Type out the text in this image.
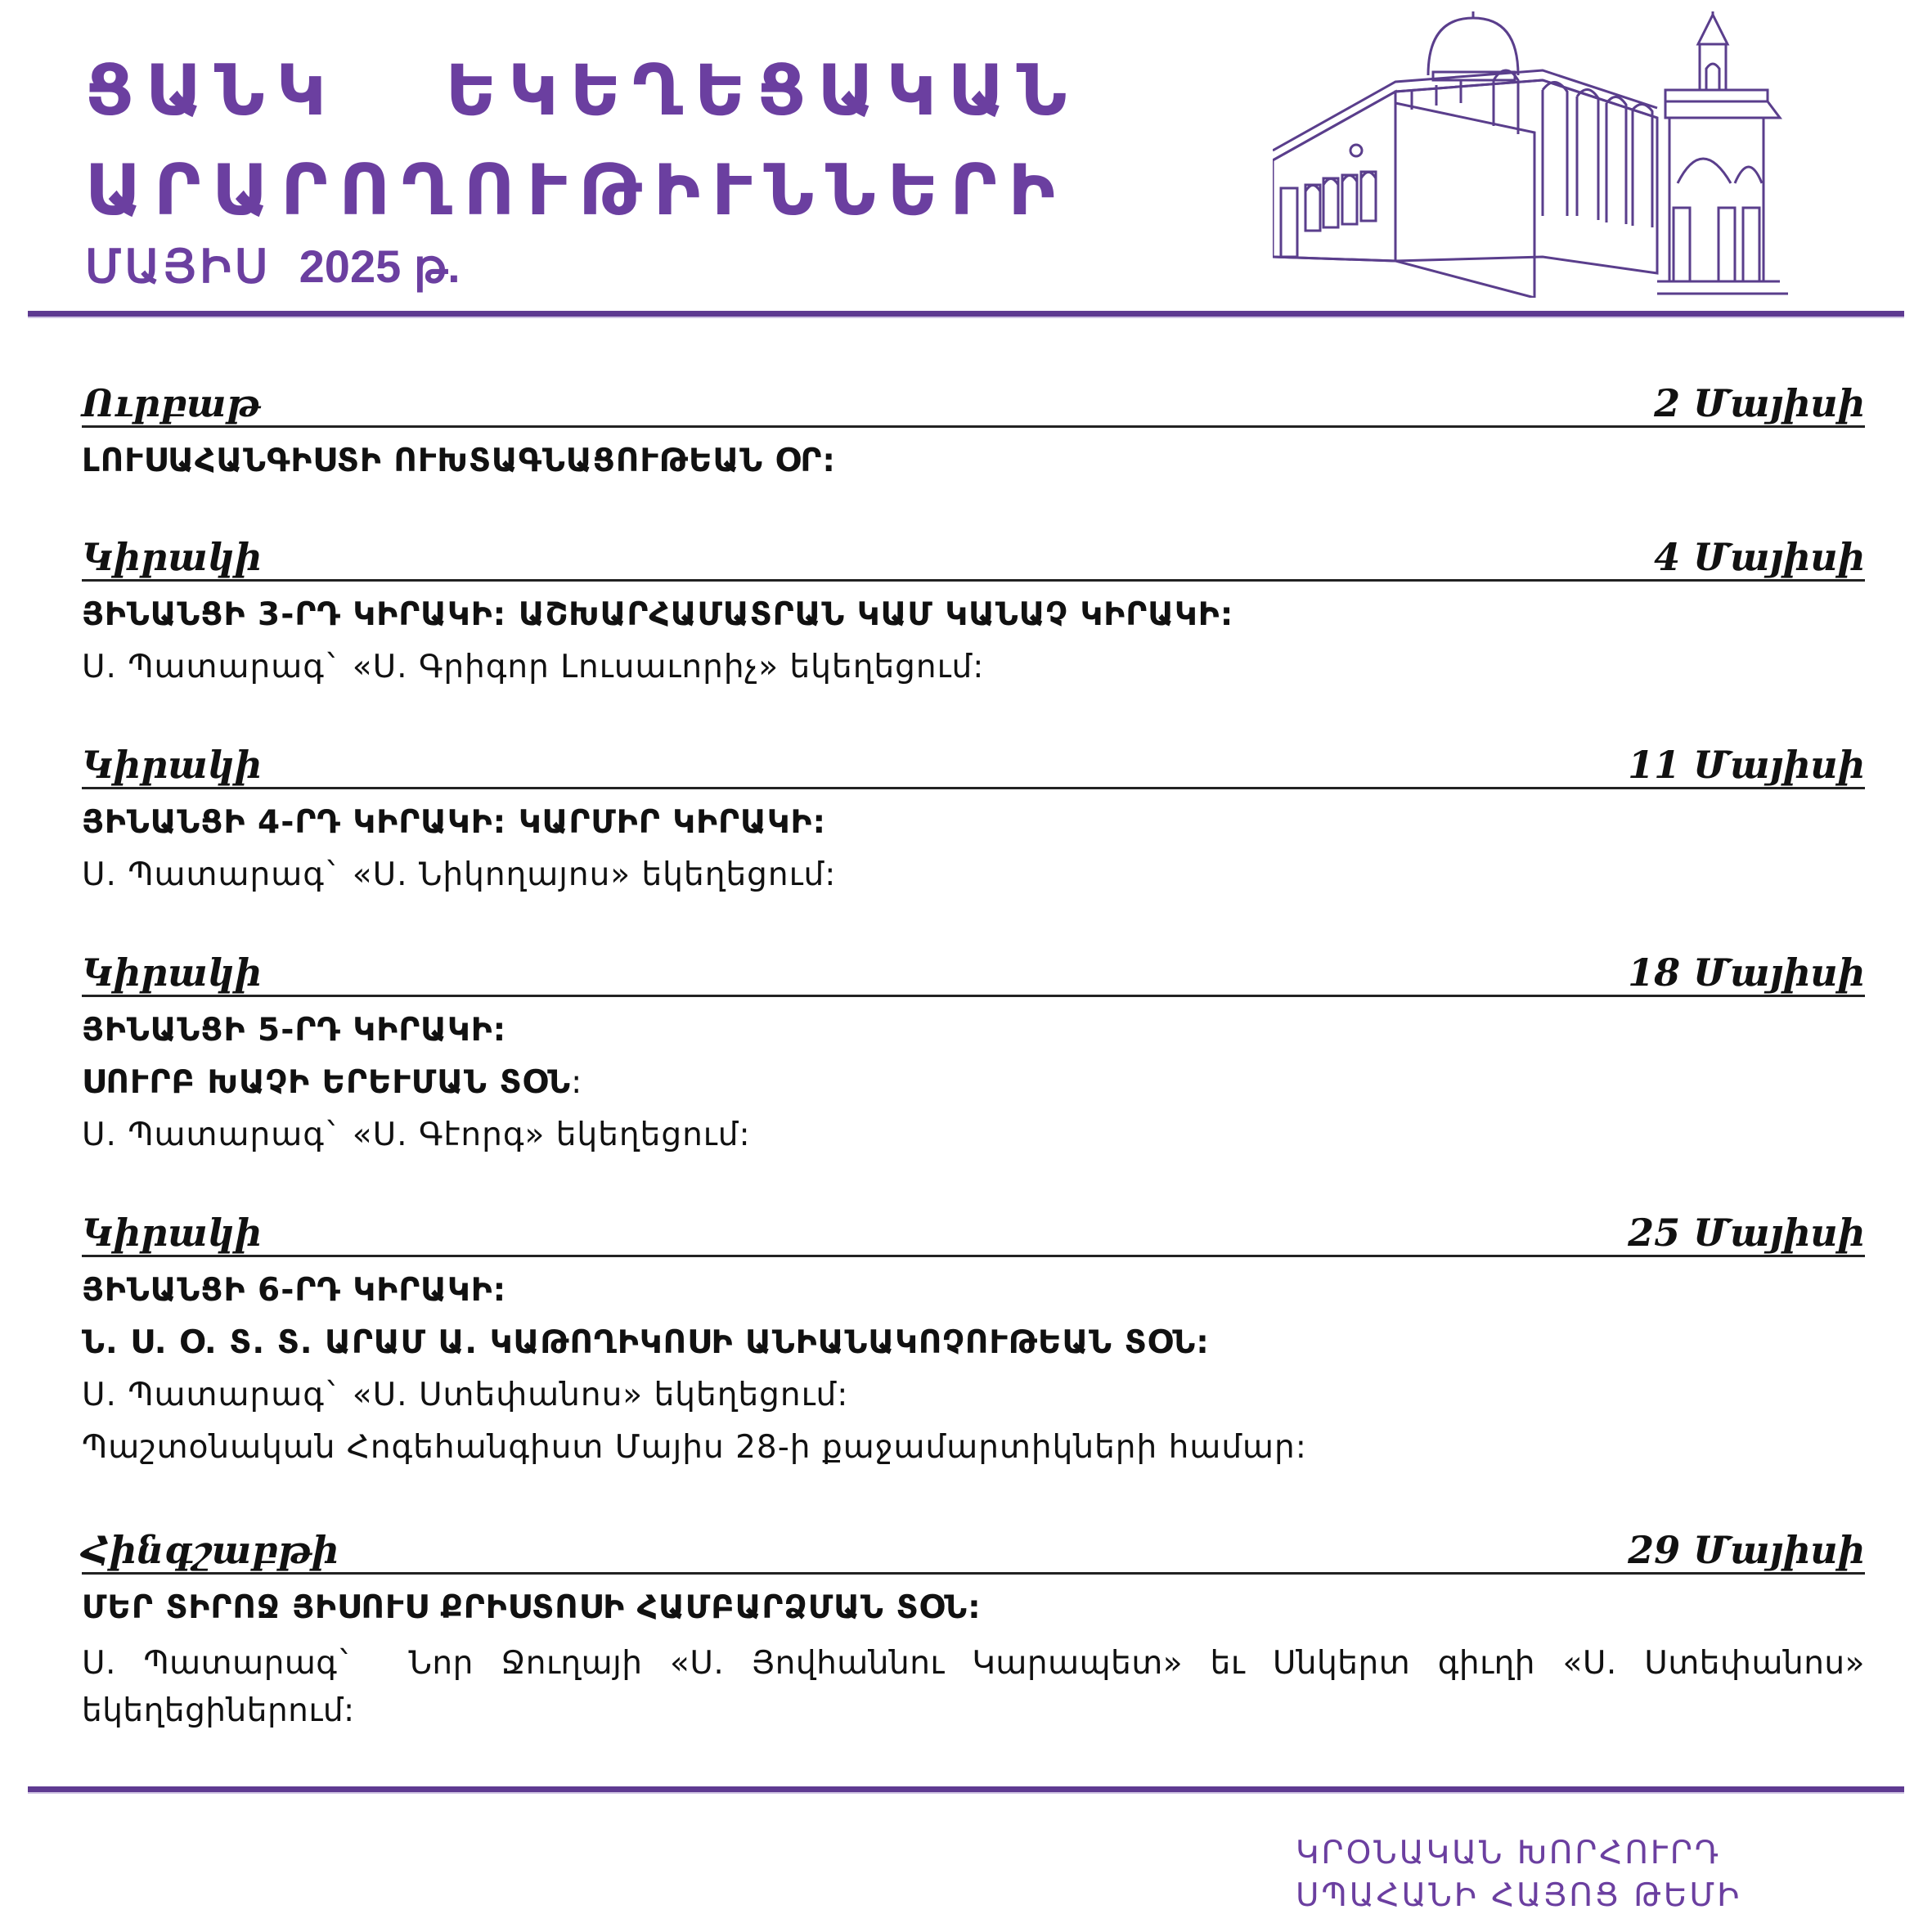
ՑԱՆԿ   ԵԿԵՂԵՑԱԿԱՆ
ԱՐԱՐՈՂՈՒԹԻՒՆՆԵՐԻ
ՄԱՅԻՍ 2025 թ.
Ուրբաթ	2 Մայիսի
ԼՈՒՍԱՀԱՆԳԻՍՏԻ ՈՒԽՏԱԳՆԱՑՈՒԹԵԱՆ ՕՐ:
Կիրակի	4 Մայիսի
ՅԻՆԱՆՑԻ 3-ՐԴ ԿԻՐԱԿԻ: ԱՇԽԱՐՀԱՄԱՏՐԱՆ ԿԱՄ ԿԱՆԱՉ ԿԻՐԱԿԻ:
Ս. Պատարագ` «Ս. Գրիգոր Լուսաւորիչ» եկեղեցում:
Կիրակի	11 Մայիսի
ՅԻՆԱՆՑԻ 4-ՐԴ ԿԻՐԱԿԻ: ԿԱՐՄԻՐ ԿԻՐԱԿԻ:
Ս. Պատարագ` «Ս. Նիկողայոս» եկեղեցում:
Կիրակի	18 Մայիսի
ՅԻՆԱՆՑԻ 5-ՐԴ ԿԻՐԱԿԻ:
ՍՈՒՐԲ ԽԱՉԻ ԵՐԵՒՄԱՆ ՏՕՆ:
Ս. Պատարագ` «Ս. Գէորգ» եկեղեցում:
Կիրակի	25 Մայիսի
ՅԻՆԱՆՑԻ 6-ՐԴ ԿԻՐԱԿԻ:
Ն. Ս. Օ. Տ. Տ. ԱՐԱՄ Ա. ԿԱԹՈՂԻԿՈՍԻ ԱՆԻԱՆԱԿՈՉՈՒԹԵԱՆ ՏՕՆ:
Ս. Պատարագ` «Ս. Ստեփանոս» եկեղեցում:
Պաշտօնական Հոգեհանգիստ Մայիս 28-ի քաջամարտիկների համար:
Հինգշաբթի	29 Մայիսի
ՄԵՐ ՏԻՐՈՋ ՅԻՍՈՒՍ ՔՐԻՍՏՈՍԻ ՀԱՄԲԱՐՁՄԱՆ ՏՕՆ:
Ս. Պատարագ`  Նոր Ջուղայի «Ս. Յովհաննու Կարապետ» եւ Սնկերտ գիւղի «Ս. Ստեփանոս» եկեղեցիներում:
ԿՐՕՆԱԿԱՆ ԽՈՐՀՈՒՐԴ
ՍՊԱՀԱՆԻ ՀԱՅՈՑ ԹԵՄԻ
